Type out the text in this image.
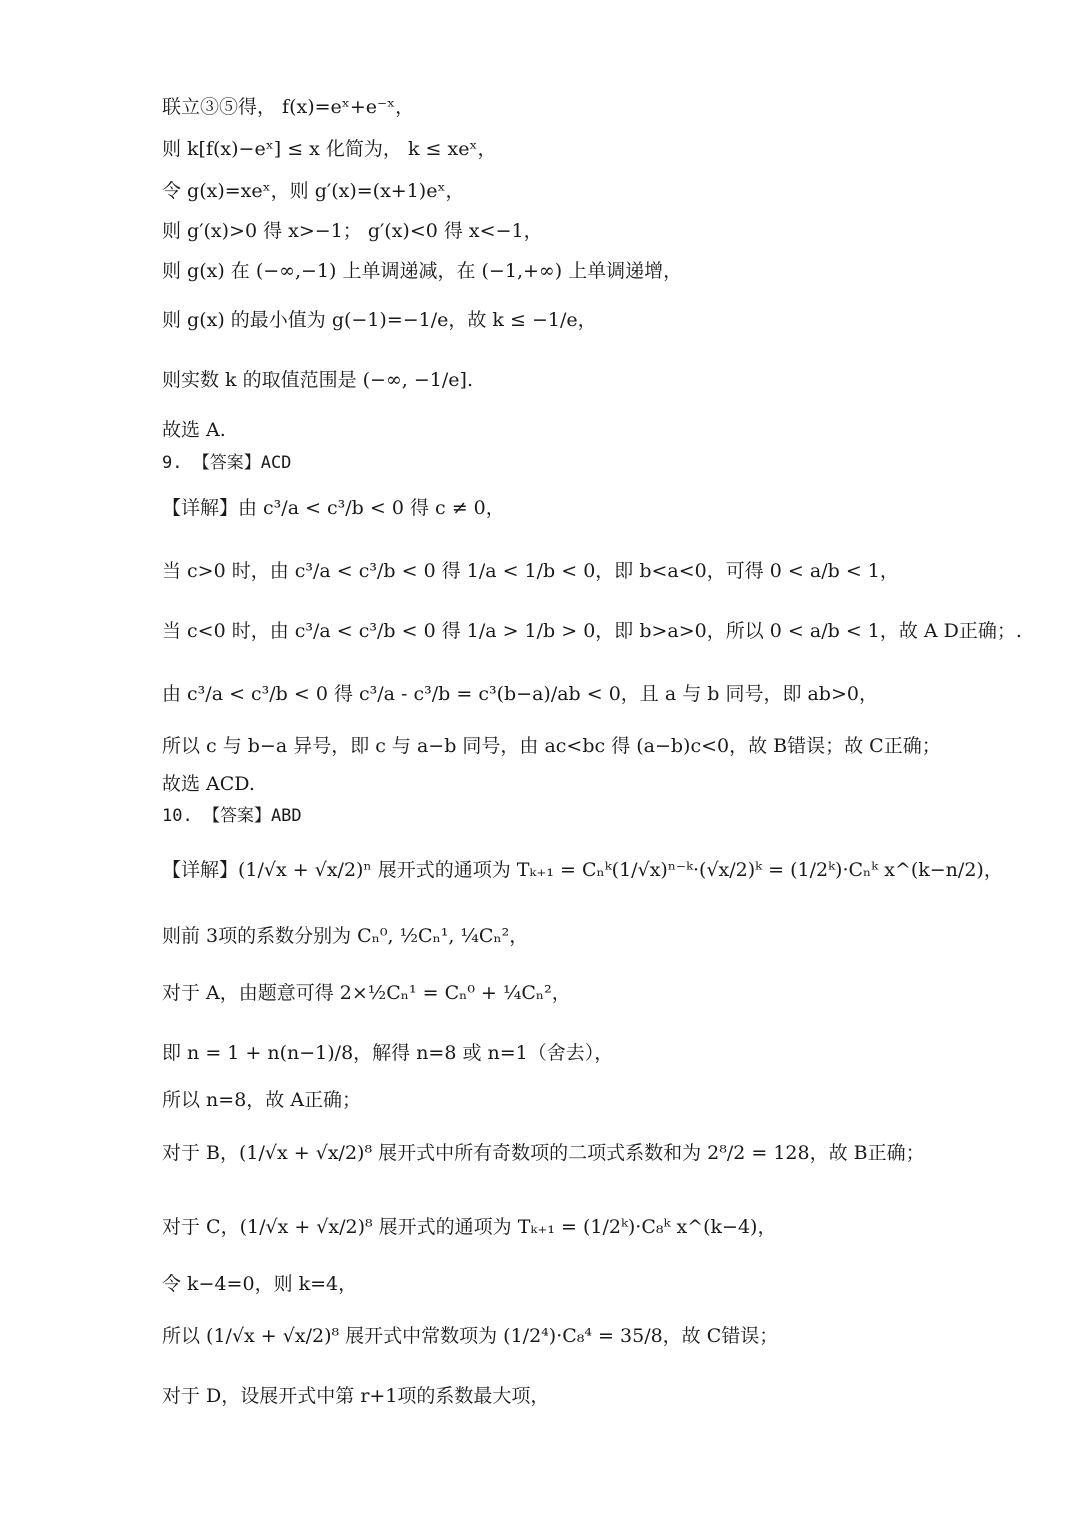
联立③⑤得， f(x)=eˣ+e⁻ˣ，
则 k[f(x)−eˣ] ≤ x 化简为， k ≤ xeˣ，
令 g(x)=xeˣ，则 g′(x)=(x+1)eˣ，
则 g′(x)>0 得 x>−1； g′(x)<0 得 x<−1，
则 g(x) 在 (−∞,−1) 上单调递减，在 (−1,+∞) 上单调递增，
则 g(x) 的最小值为 g(−1)=−1/e，故 k ≤ −1/e，
则实数 k 的取值范围是 (−∞, −1/e].
故选 A.
9. 【答案】ACD
【详解】由 c³/a < c³/b < 0 得 c ≠ 0，
当 c>0 时，由 c³/a < c³/b < 0 得 1/a < 1/b < 0，即 b<a<0，可得 0 < a/b < 1，
当 c<0 时，由 c³/a < c³/b < 0 得 1/a > 1/b > 0，即 b>a>0，所以 0 < a/b < 1，故 A D正确；.
由 c³/a < c³/b < 0 得 c³/a - c³/b = c³(b−a)/ab < 0，且 a 与 b 同号，即 ab>0，
所以 c 与 b−a 异号，即 c 与 a−b 同号，由 ac<bc 得 (a−b)c<0，故 B错误；故 C正确；
故选 ACD.
10. 【答案】ABD
【详解】(1/√x + √x/2)ⁿ 展开式的通项为 Tₖ₊₁ = Cₙᵏ(1/√x)ⁿ⁻ᵏ·(√x/2)ᵏ = (1/2ᵏ)·Cₙᵏ x^(k−n/2)，
则前 3项的系数分别为 Cₙ⁰, ½Cₙ¹, ¼Cₙ²，
对于 A，由题意可得 2×½Cₙ¹ = Cₙ⁰ + ¼Cₙ²，
即 n = 1 + n(n−1)/8，解得 n=8 或 n=1（舍去），
所以 n=8，故 A正确；
对于 B，(1/√x + √x/2)⁸ 展开式中所有奇数项的二项式系数和为 2⁸/2 = 128，故 B正确；
对于 C，(1/√x + √x/2)⁸ 展开式的通项为 Tₖ₊₁ = (1/2ᵏ)·C₈ᵏ x^(k−4)，
令 k−4=0，则 k=4，
所以 (1/√x + √x/2)⁸ 展开式中常数项为 (1/2⁴)·C₈⁴ = 35/8，故 C错误；
对于 D，设展开式中第 r+1项的系数最大项，
